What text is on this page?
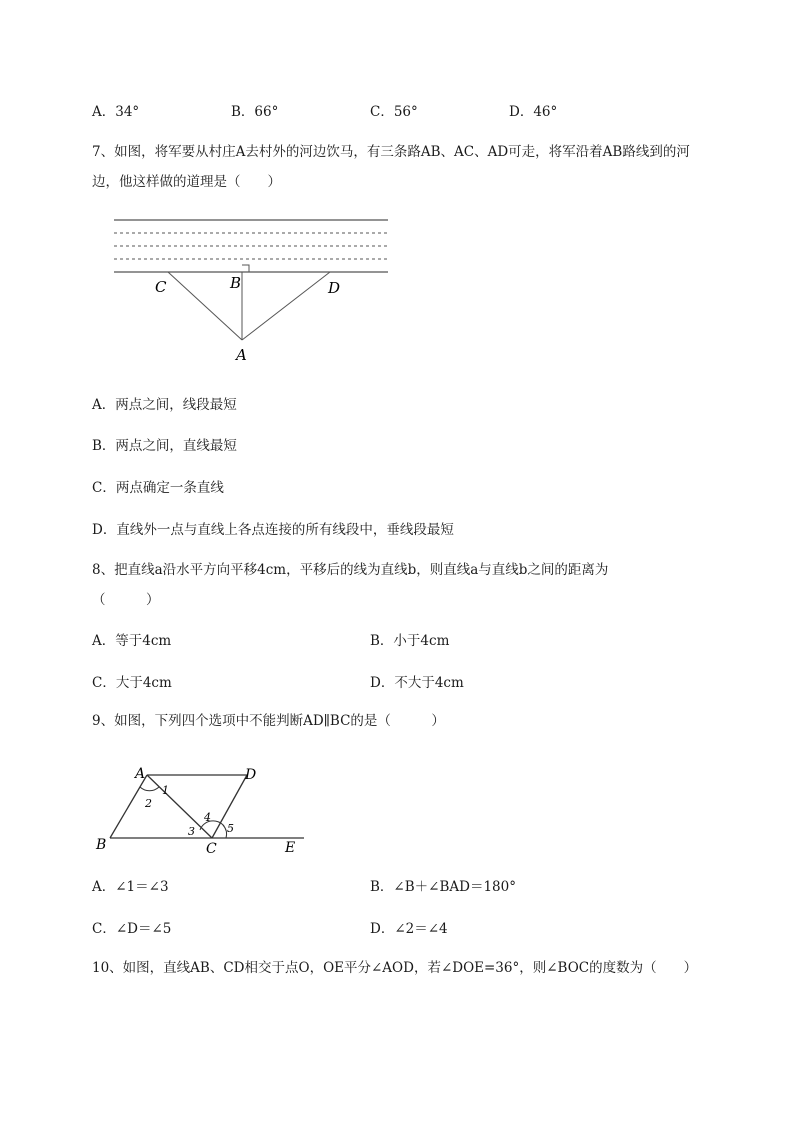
A．34°	B．66°	C．56°	D．46°
7、如图，将军要从村庄A去村外的河边饮马，有三条路AB、AC、AD可走，将军沿着AB路线到的河
边，他这样做的道理是（　　）
C	B	D
A
A．两点之间，线段最短
B．两点之间，直线最短
C．两点确定一条直线
D．直线外一点与直线上各点连接的所有线段中，垂线段最短
8、把直线a沿水平方向平移4cm，平移后的线为直线b，则直线a与直线b之间的距离为
（　　　）
A．等于4cm	B．小于4cm
C．大于4cm	D．不大于4cm
9、如图，下列四个选项中不能判断AD∥BC的是（　　　）
A	D
B	C	E
1
2
3
4
5
A．∠1＝∠3	B．∠B＋∠BAD＝180°
C．∠D＝∠5	D．∠2＝∠4
10、如图，直线AB、CD相交于点O，OE平分∠AOD，若∠DOE=36°，则∠BOC的度数为（　　）
